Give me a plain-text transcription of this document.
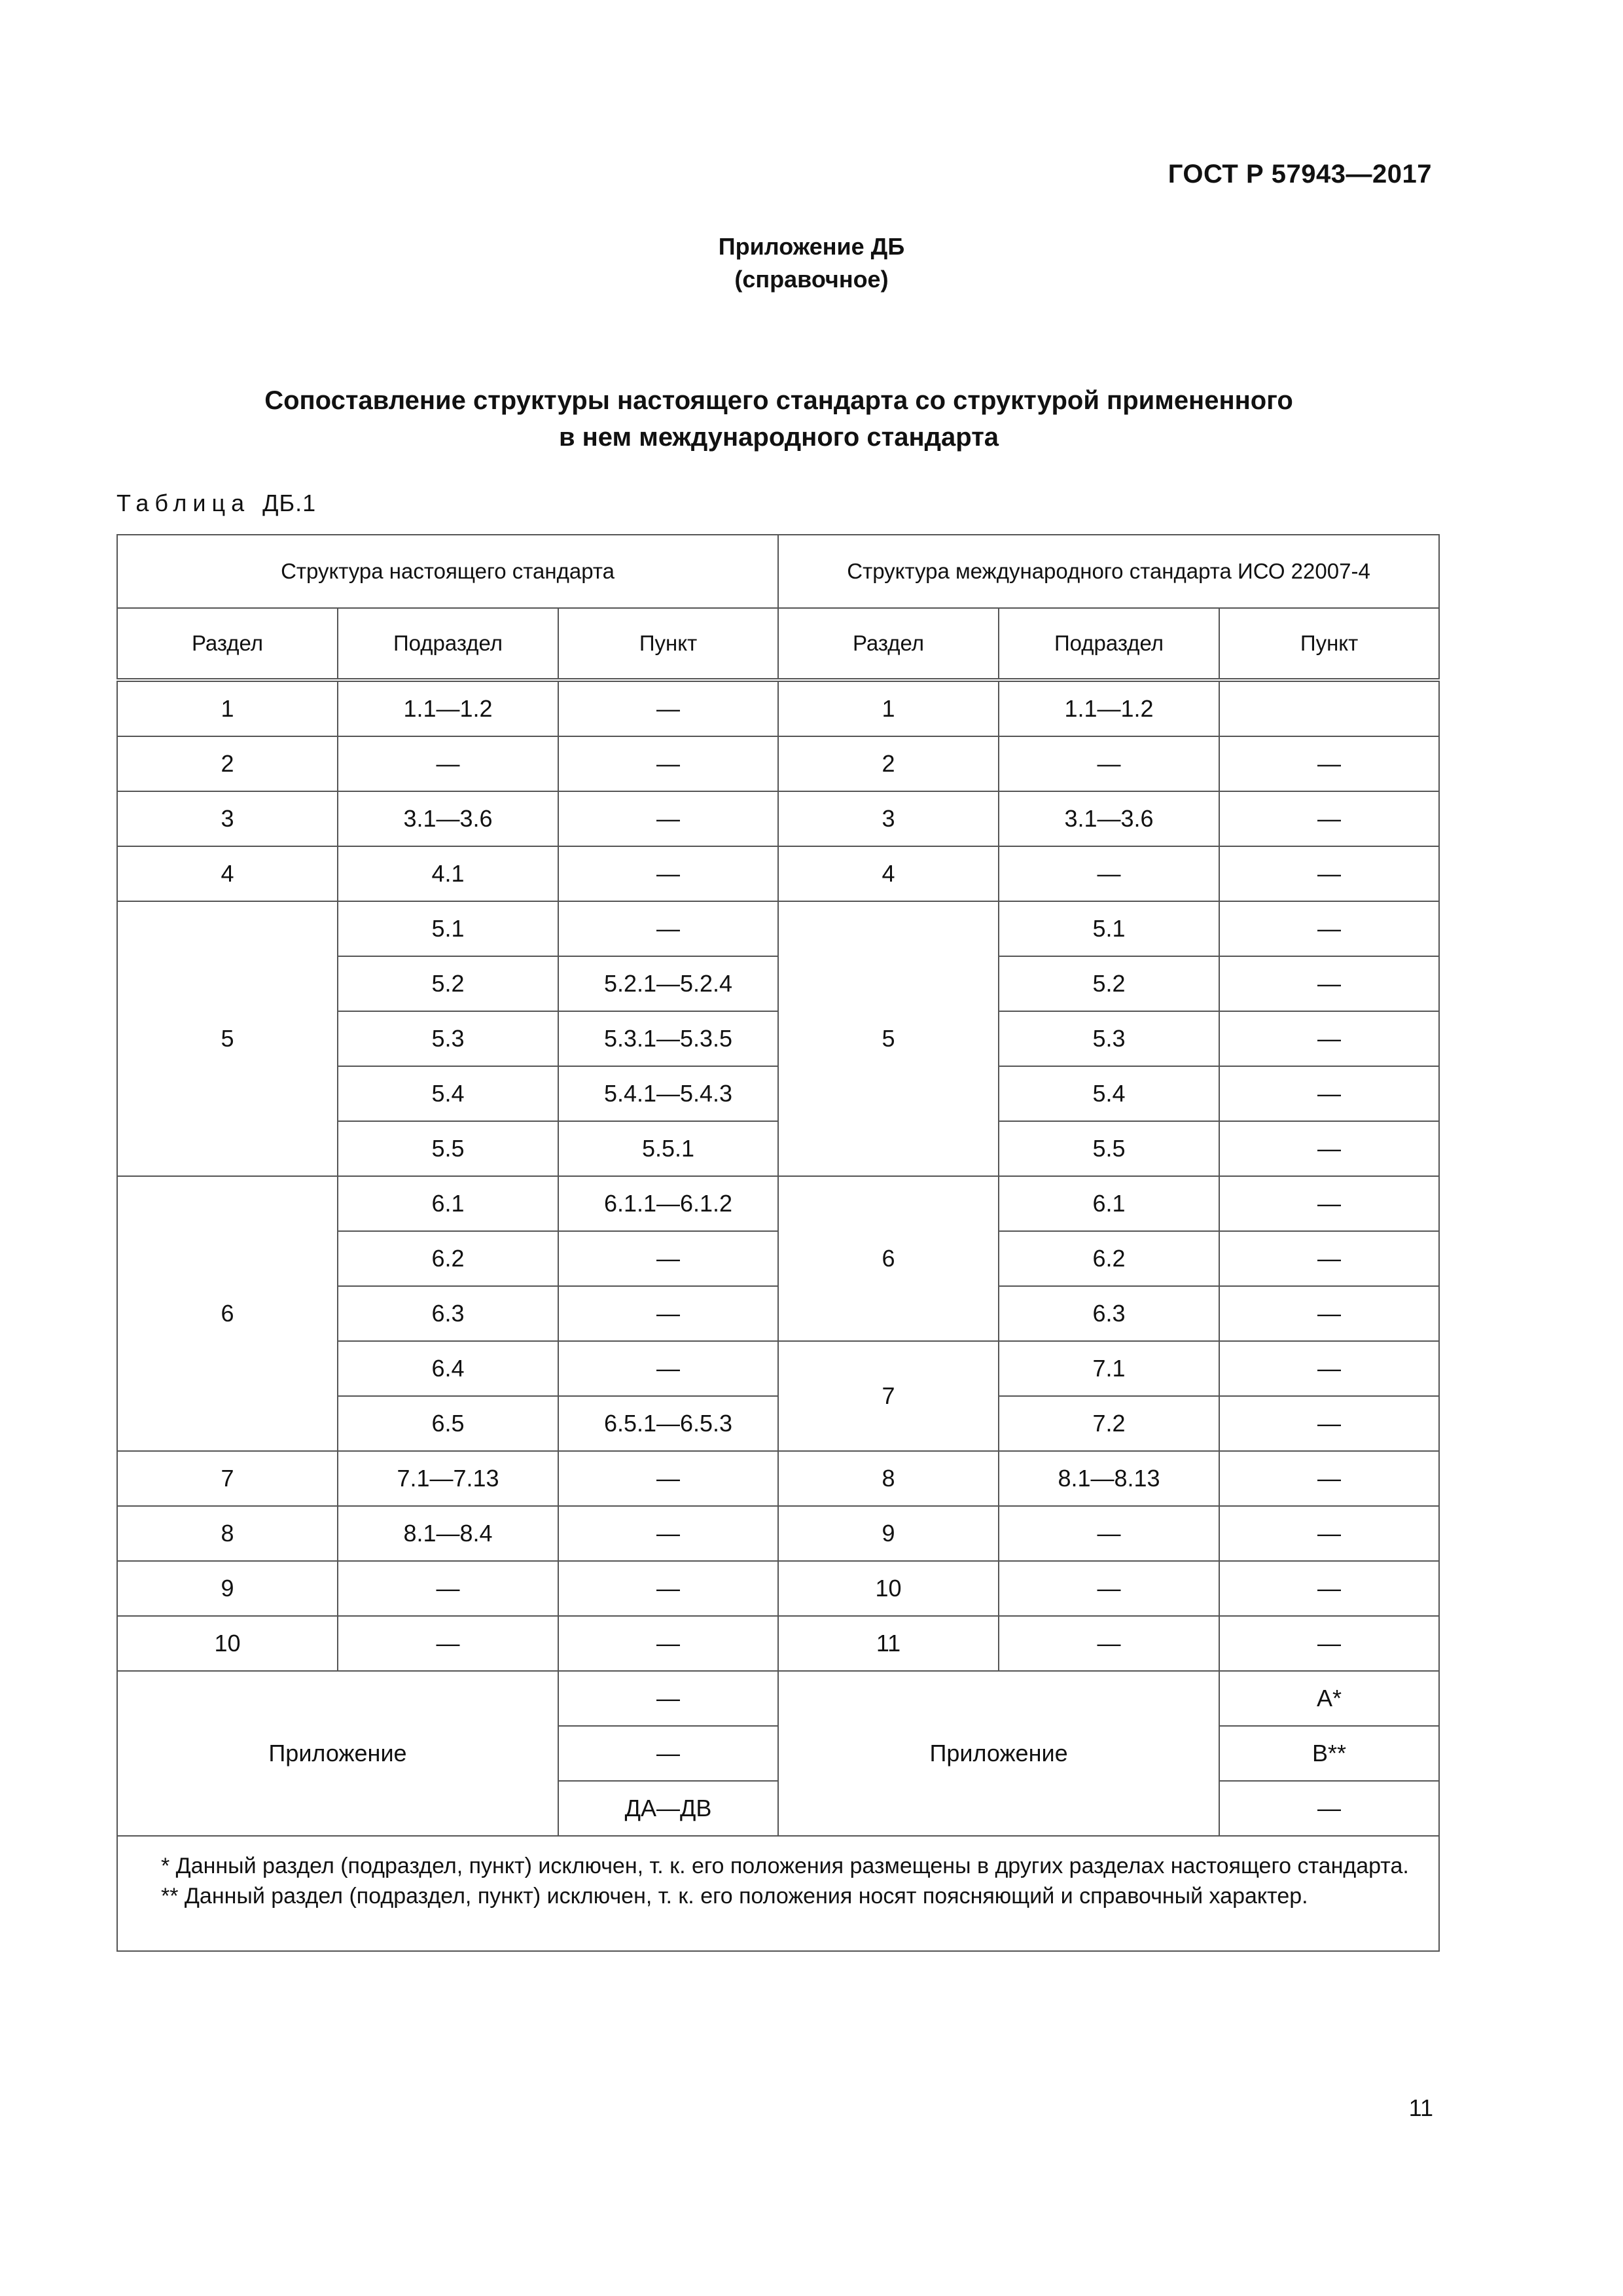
ГОСТ Р 57943—2017
Приложение ДБ
(справочное)
Сопоставление структуры настоящего стандарта со структурой примененного
в нем международного стандарта
Таблица ДБ.1
Структура настоящего стандарта			Структура международного стандарта ИСО 22007-4		
Раздел	Подраздел	Пункт	Раздел	Подраздел	Пункт
1	1.1—1.2	—	1	1.1—1.2	
2	—	—	2	—	—
3	3.1—3.6	—	3	3.1—3.6	—
4	4.1	—	4	—	—
5	5.1	—	5	5.1	—
	5.2	5.2.1—5.2.4		5.2	—
	5.3	5.3.1—5.3.5		5.3	—
	5.4	5.4.1—5.4.3		5.4	—
	5.5	5.5.1		5.5	—
6	6.1	6.1.1—6.1.2	6	6.1	—
	6.2	—		6.2	—
	6.3	—		6.3	—
	6.4	—	7	7.1	—
	6.5	6.5.1—6.5.3		7.2	—
7	7.1—7.13	—	8	8.1—8.13	—
8	8.1—8.4	—	9	—	—
9	—	—	10	—	—
10	—	—	11	—	—
Приложение		—	Приложение		А*
		—			В**
		ДА—ДВ			—

* Данный раздел (подраздел, пункт) исключен, т. к. его положения размещены в других разделах настоящего стандарта.

** Данный раздел (подраздел, пункт) исключен, т. к. его положения носят поясняющий и справочный характер.					

11
